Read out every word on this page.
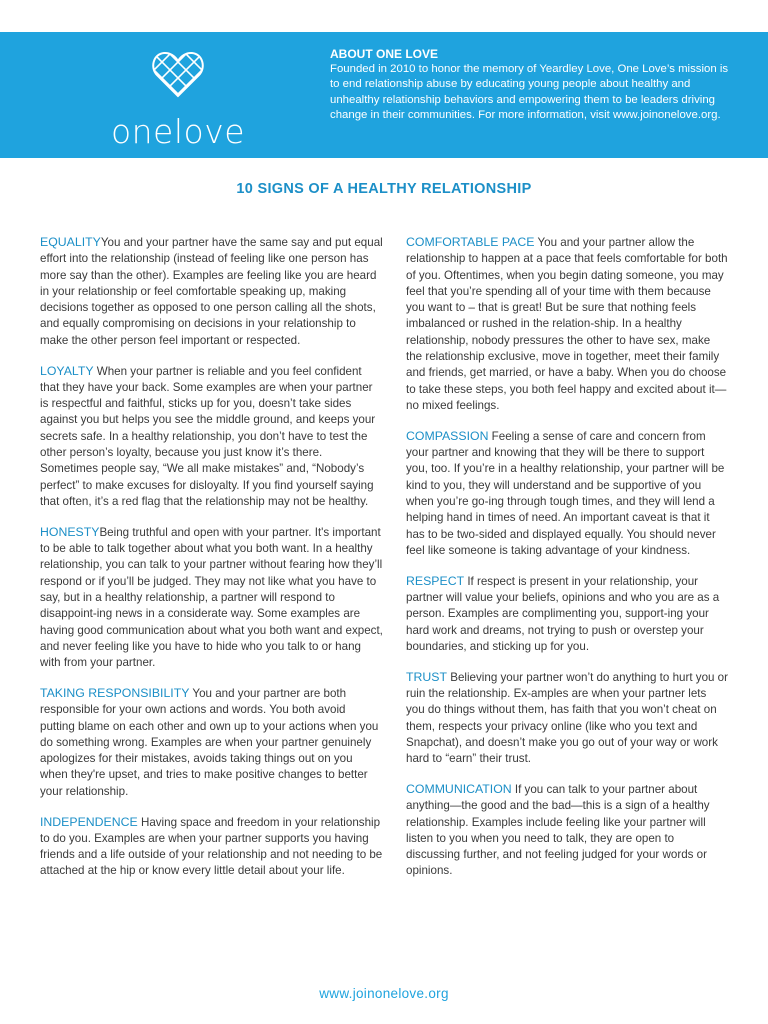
onelove
ABOUT ONE LOVE
Founded in 2010 to honor the memory of Yeardley Love, One Love’s mission is to end relationship abuse by educating young people about healthy and unhealthy relationship behaviors and empowering them to be leaders driving change in their communities. For more information, visit www.joinonelove.org.
10 SIGNS OF A HEALTHY RELATIONSHIP

EQUALITYYou and your partner have the same say and put equal effort into the relationship (instead of feeling like one person has more say than the other). Examples are feeling like you are heard in your relationship or feel comfortable speaking up, making decisions together as opposed to one person calling all the shots, and equally compromising on decisions in your relationship to make the other person feel important or respected.

LOYALTY When your partner is reliable and you feel confident that they have your back. Some examples are when your partner is respectful and faithful, sticks up for you, doesn’t take sides against you but helps you see the middle ground, and keeps your secrets safe. In a healthy relationship, you don’t have to test the other person’s loyalty, because you just know it’s there. Sometimes people say, “We all make mistakes” and, “Nobody’s perfect” to make excuses for disloyalty. If you find yourself saying that often, it’s a red flag that the relationship may not be healthy.

HONESTYBeing truthful and open with your partner. It's important to be able to talk together about what you both want. In a healthy relationship, you can talk to your partner without fearing how they’ll respond or if you’ll be judged. They may not like what you have to say, but in a healthy relationship, a partner will respond to disappoint-ing news in a considerate way. Some examples are having good communication about what you both want and expect, and never feeling like you have to hide who you talk to or hang with from your partner.

TAKING RESPONSIBILITY You and your partner are both responsible for your own actions and words. You both avoid putting blame on each other and own up to your actions when you do something wrong. Examples are when your partner genuinely apologizes for their mistakes, avoids taking things out on you when they're upset, and tries to make positive changes to better your relationship.

INDEPENDENCE Having space and freedom in your relationship to do you. Examples are when your partner supports you having friends and a life outside of your relationship and not needing to be attached at the hip or know every little detail about your life.

COMFORTABLE PACE You and your partner allow the relationship to happen at a pace that feels comfortable for both of you. Oftentimes, when you begin dating someone, you may feel that you’re spending all of your time with them because you want to – that is great! But be sure that nothing feels imbalanced or rushed in the relation-ship. In a healthy relationship, nobody pressures the other to have sex, make the relationship exclusive, move in together, meet their family and friends, get married, or have a baby. When you do choose to take these steps, you both feel happy and excited about it—no mixed feelings.

COMPASSION Feeling a sense of care and concern from your partner and knowing that they will be there to support you, too. If you’re in a healthy relationship, your partner will be kind to you, they will understand and be supportive of you when you’re go-ing through tough times, and they will lend a helping hand in times of need. An important caveat is that it has to be two-sided and displayed equally. You should never feel like someone is taking advantage of your kindness.

RESPECT If respect is present in your relationship, your partner will value your beliefs, opinions and who you are as a person. Examples are complimenting you, support-ing your hard work and dreams, not trying to push or overstep your boundaries, and sticking up for you.

TRUST Believing your partner won’t do anything to hurt you or ruin the relationship. Ex-amples are when your partner lets you do things without them, has faith that you won’t cheat on them, respects your privacy online (like who you text and Snapchat), and doesn’t make you go out of your way or work hard to “earn” their trust.

COMMUNICATION If you can talk to your partner about anything—the good and the bad—this is a sign of a healthy relationship. Examples include feeling like your partner will listen to you when you need to talk, they are open to discussing further, and not feeling judged for your words or opinions.

www.joinonelove.org
